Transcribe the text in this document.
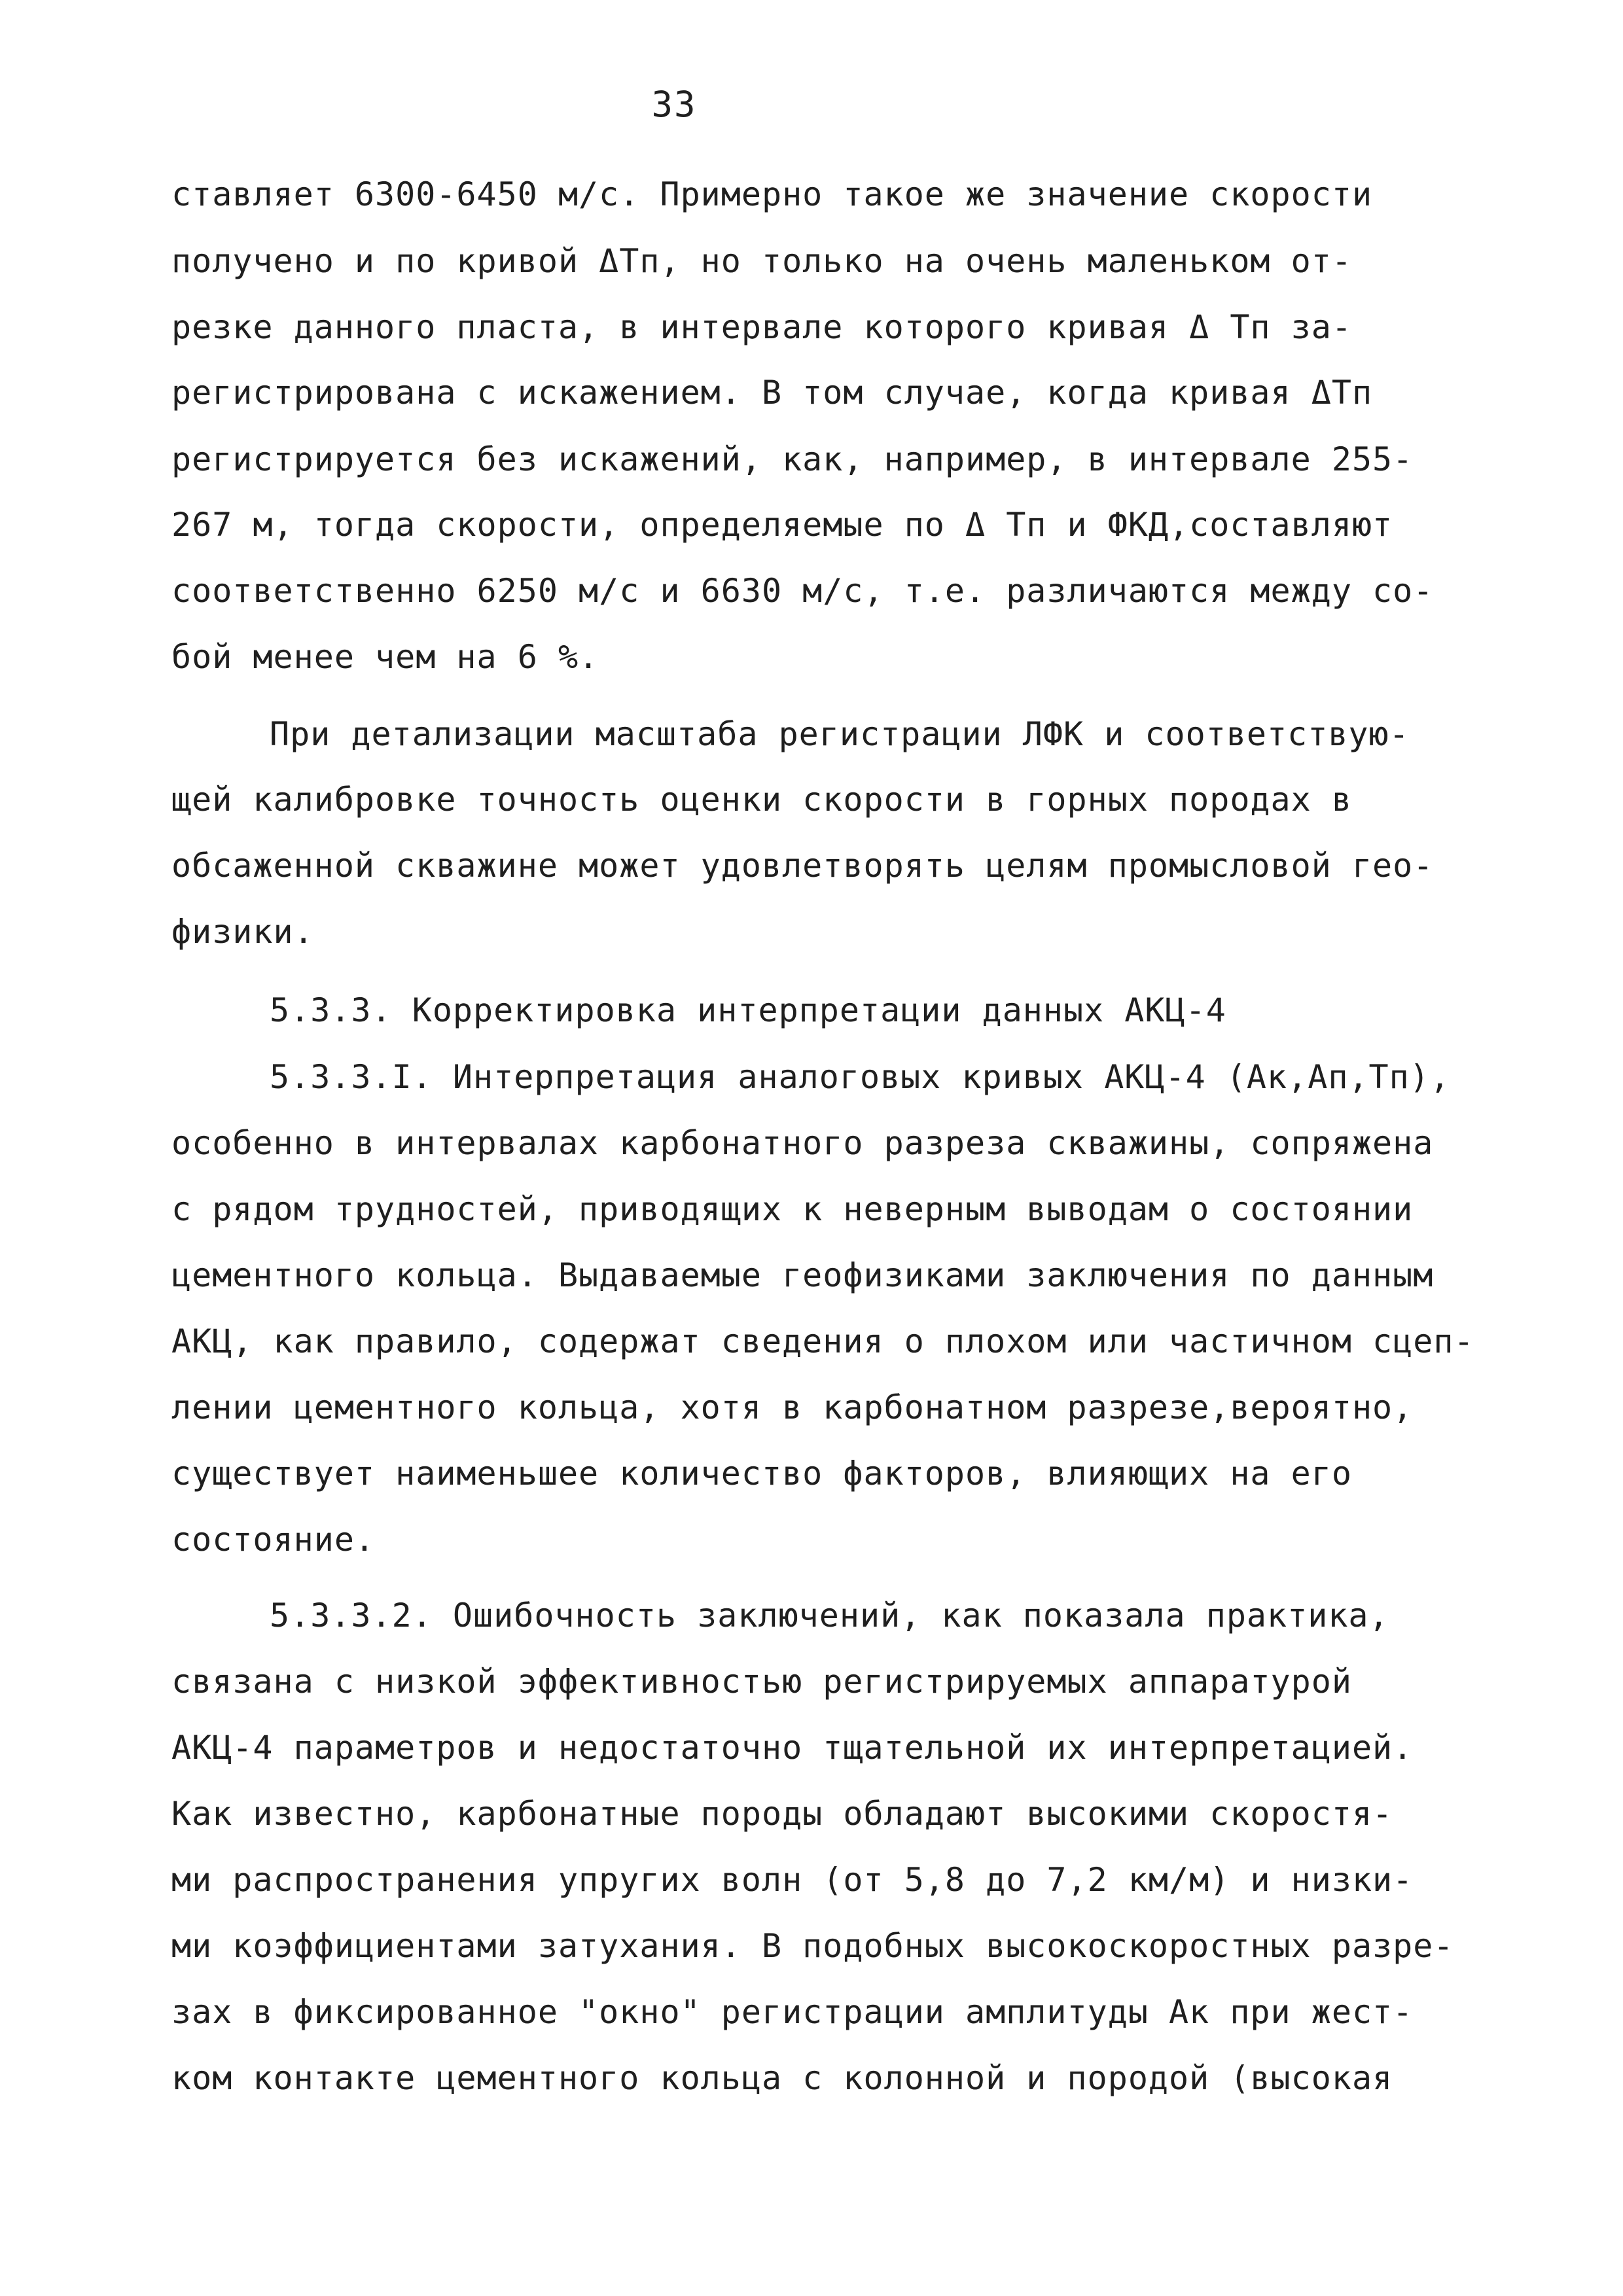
33
ставляет 6300-6450 м/с. Примерно такое же значение скорости
получено и по кривой ΔТп, но только на очень маленьком от-
резке данного пласта, в интервале которого кривая Δ Тп за-
регистрирована с искажением. В том случае, когда кривая ΔТп
регистрируется без искажений, как, например, в интервале 255-
267 м, тогда скорости, определяемые по Δ Тп и ФКД,составляют
соответственно 6250 м/с и 6630 м/с, т.е. различаются между со-
бой менее чем на 6 %.
При детализации масштаба регистрации ЛФК и соответствую-
щей калибровке точность оценки скорости в горных породах в
обсаженной скважине может удовлетворять целям промысловой гео-
физики.
5.3.3. Корректировка интерпретации данных АКЦ-4
5.3.3.I. Интерпретация аналоговых кривых АКЦ-4 (Ак,Ап,Тп),
особенно в интервалах карбонатного разреза скважины, сопряжена
с рядом трудностей, приводящих к неверным выводам о состоянии
цементного кольца. Выдаваемые геофизиками заключения по данным
АКЦ, как правило, содержат сведения о плохом или частичном сцеп-
лении цементного кольца, хотя в карбонатном разрезе,вероятно,
существует наименьшее количество факторов, влияющих на его
состояние.
5.3.3.2. Ошибочность заключений, как показала практика,
связана с низкой эффективностью регистрируемых аппаратурой
АКЦ-4 параметров и недостаточно тщательной их интерпретацией.
Как известно, карбонатные породы обладают высокими скоростя-
ми распространения упругих волн (от 5,8 до 7,2 км/м) и низки-
ми коэффициентами затухания. В подобных высокоскоростных разре-
зах в фиксированное "окно" регистрации амплитуды Ак при жест-
ком контакте цементного кольца с колонной и породой (высокая
